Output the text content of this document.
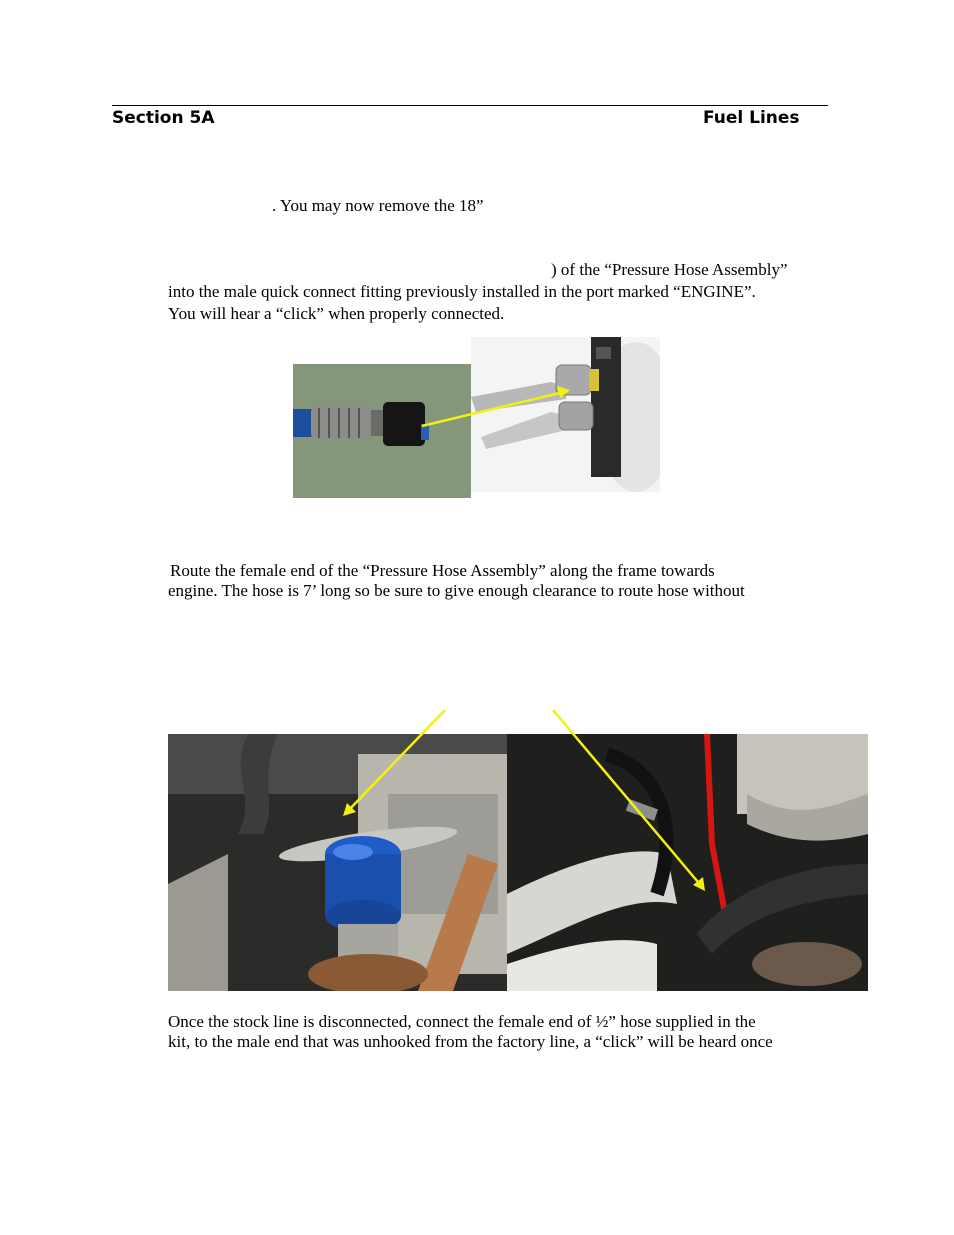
Section 5A	Fuel Lines
. You may now remove the 18”
) of the “Pressure Hose Assembly”
into the male quick connect fitting previously installed in the port marked “ENGINE”.
You will hear a “click” when properly connected.
Route the female end of the “Pressure Hose Assembly” along the frame towards
engine. The hose is 7’ long so be sure to give enough clearance to route hose without
Once the stock line is disconnected, connect the female end of ½” hose supplied in the
kit, to the male end that was unhooked from the factory line, a “click” will be heard once
